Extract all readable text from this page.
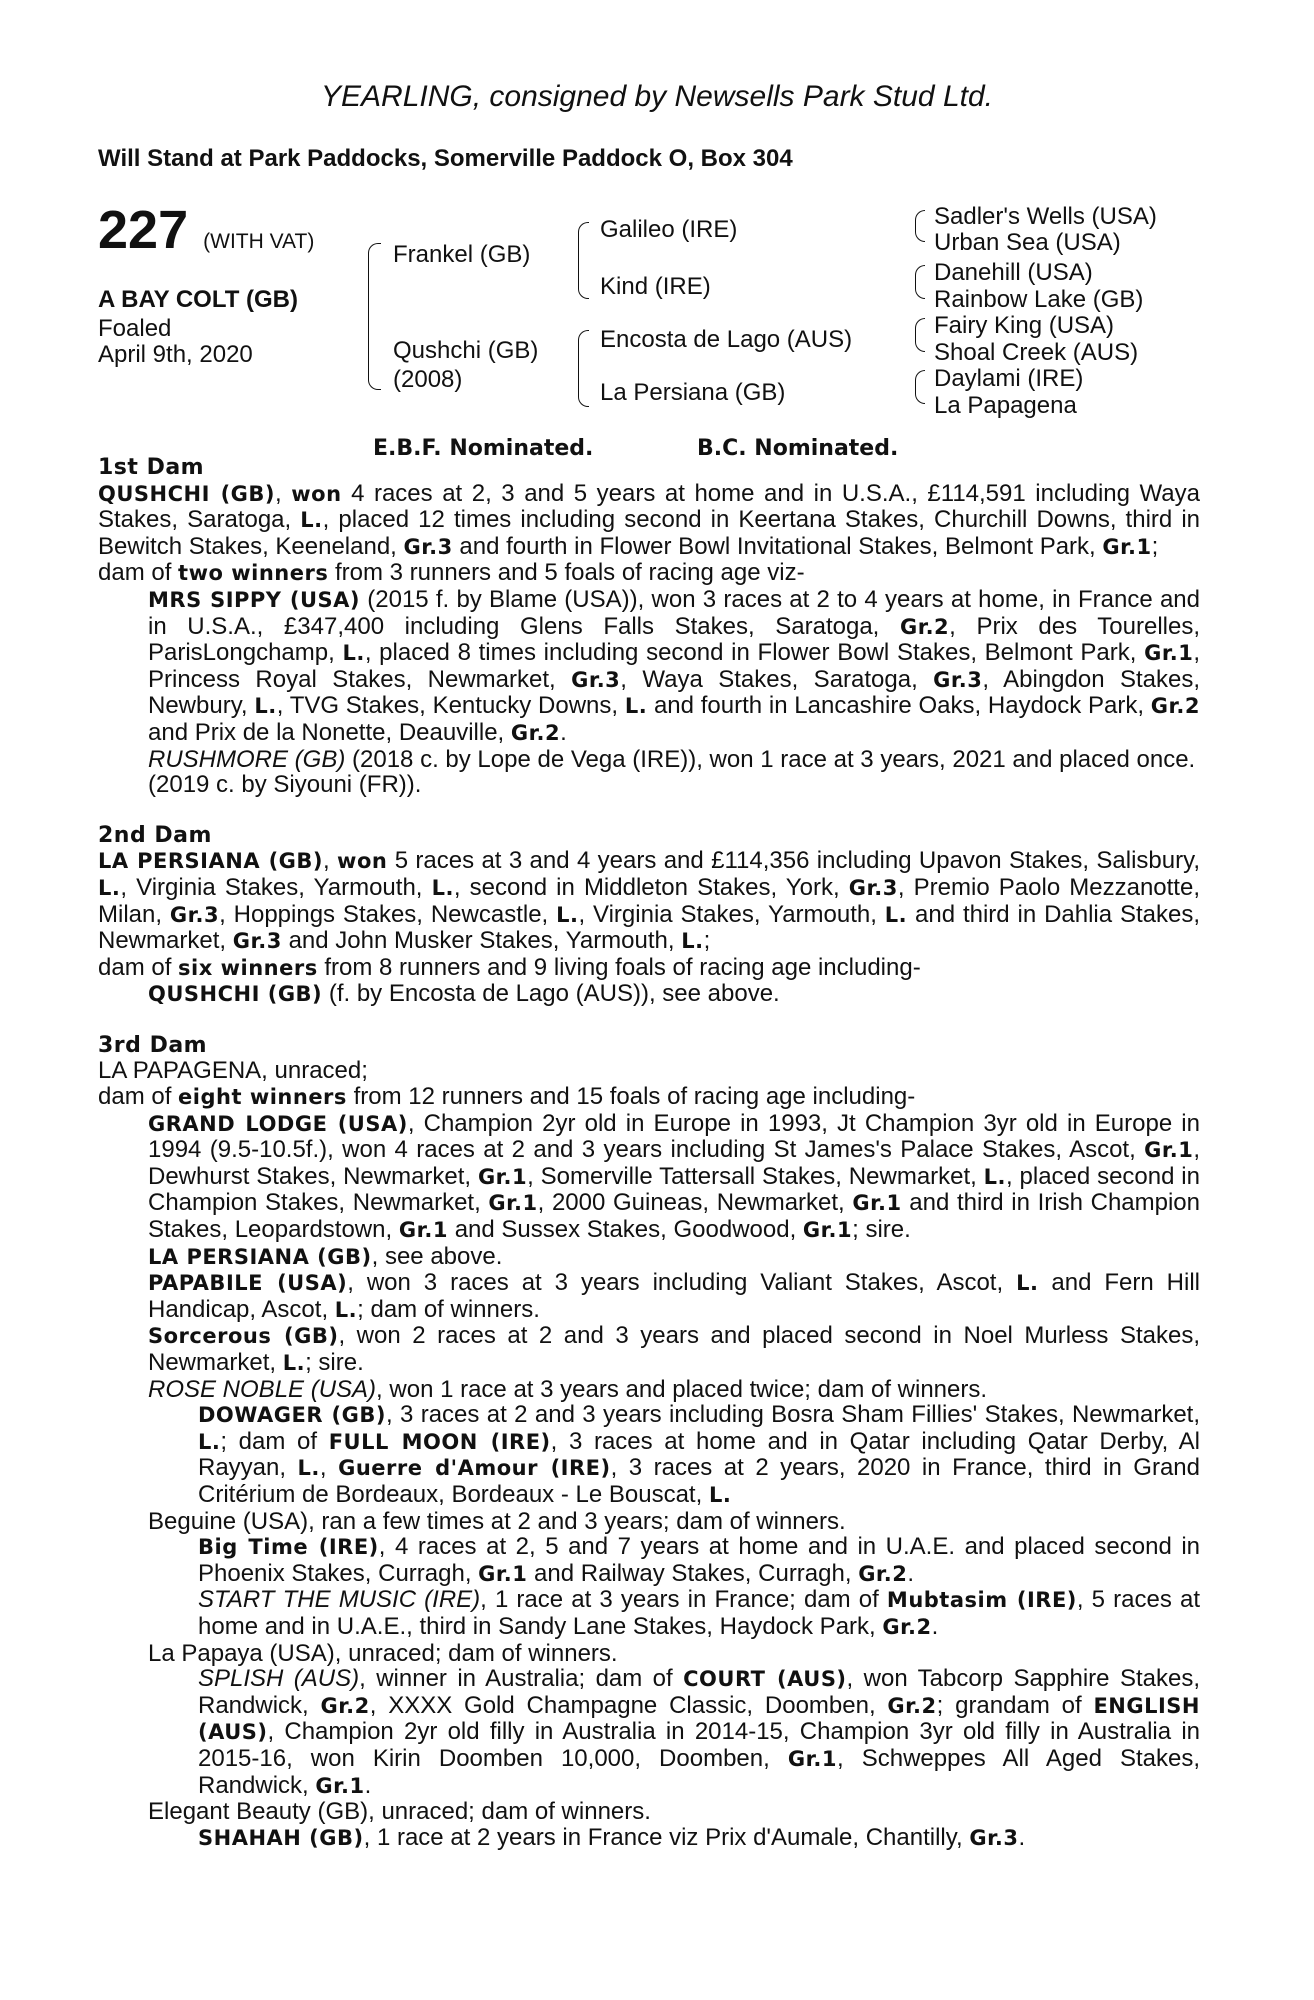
YEARLING, consigned by Newsells Park Stud Ltd.
Will Stand at Park Paddocks, Somerville Paddock O, Box 304
227 (WITH VAT)
A BAY COLT (GB)
Foaled
April 9th, 2020
Frankel (GB)
Qushchi (GB)
(2008)
Galileo (IRE)
Kind (IRE)
Encosta de Lago (AUS)
La Persiana (GB)
Sadler's Wells (USA)
Urban Sea (USA)
Danehill (USA)
Rainbow Lake (GB)
Fairy King (USA)
Shoal Creek (AUS)
Daylami (IRE)
La Papagena
E.B.F. Nominated.	B.C. Nominated.

1st Dam

QUSHCHI (GB), won 4 races at 2, 3 and 5 years at home and in U.S.A., £114,591 including Waya Stakes, Saratoga, L., placed 12 times including second in Keertana Stakes, Churchill Downs, third in Bewitch Stakes, Keeneland, Gr.3 and fourth in Flower Bowl Invitational Stakes, Belmont Park, Gr.1;

dam of two winners from 3 runners and 5 foals of racing age viz-

MRS SIPPY (USA) (2015 f. by Blame (USA)), won 3 races at 2 to 4 years at home, in France and in U.S.A., £347,400 including Glens Falls Stakes, Saratoga, Gr.2, Prix des Tourelles, ParisLongchamp, L., placed 8 times including second in Flower Bowl Stakes, Belmont Park, Gr.1, Princess Royal Stakes, Newmarket, Gr.3, Waya Stakes, Saratoga, Gr.3, Abingdon Stakes, Newbury, L., TVG Stakes, Kentucky Downs, L. and fourth in Lancashire Oaks, Haydock Park, Gr.2 and Prix de la Nonette, Deauville, Gr.2.

RUSHMORE (GB) (2018 c. by Lope de Vega (IRE)), won 1 race at 3 years, 2021 and placed once.

(2019 c. by Siyouni (FR)).

2nd Dam

LA PERSIANA (GB), won 5 races at 3 and 4 years and £114,356 including Upavon Stakes, Salisbury, L., Virginia Stakes, Yarmouth, L., second in Middleton Stakes, York, Gr.3, Premio Paolo Mezzanotte, Milan, Gr.3, Hoppings Stakes, Newcastle, L., Virginia Stakes, Yarmouth, L. and third in Dahlia Stakes, Newmarket, Gr.3 and John Musker Stakes, Yarmouth, L.;

dam of six winners from 8 runners and 9 living foals of racing age including-

QUSHCHI (GB) (f. by Encosta de Lago (AUS)), see above.

3rd Dam

LA PAPAGENA, unraced;

dam of eight winners from 12 runners and 15 foals of racing age including-

GRAND LODGE (USA), Champion 2yr old in Europe in 1993, Jt Champion 3yr old in Europe in 1994 (9.5-10.5f.), won 4 races at 2 and 3 years including St James's Palace Stakes, Ascot, Gr.1, Dewhurst Stakes, Newmarket, Gr.1, Somerville Tattersall Stakes, Newmarket, L., placed second in Champion Stakes, Newmarket, Gr.1, 2000 Guineas, Newmarket, Gr.1 and third in Irish Champion Stakes, Leopardstown, Gr.1 and Sussex Stakes, Goodwood, Gr.1; sire.

LA PERSIANA (GB), see above.

PAPABILE (USA), won 3 races at 3 years including Valiant Stakes, Ascot, L. and Fern Hill Handicap, Ascot, L.; dam of winners.

Sorcerous (GB), won 2 races at 2 and 3 years and placed second in Noel Murless Stakes, Newmarket, L.; sire.

ROSE NOBLE (USA), won 1 race at 3 years and placed twice; dam of winners.

DOWAGER (GB), 3 races at 2 and 3 years including Bosra Sham Fillies' Stakes, Newmarket, L.; dam of FULL MOON (IRE), 3 races at home and in Qatar including Qatar Derby, Al Rayyan, L., Guerre d'Amour (IRE), 3 races at 2 years, 2020 in France, third in Grand Critérium de Bordeaux, Bordeaux - Le Bouscat, L.

Beguine (USA), ran a few times at 2 and 3 years; dam of winners.

Big Time (IRE), 4 races at 2, 5 and 7 years at home and in U.A.E. and placed second in Phoenix Stakes, Curragh, Gr.1 and Railway Stakes, Curragh, Gr.2.

START THE MUSIC (IRE), 1 race at 3 years in France; dam of Mubtasim (IRE), 5 races at home and in U.A.E., third in Sandy Lane Stakes, Haydock Park, Gr.2.

La Papaya (USA), unraced; dam of winners.

SPLISH (AUS), winner in Australia; dam of COURT (AUS), won Tabcorp Sapphire Stakes, Randwick, Gr.2, XXXX Gold Champagne Classic, Doomben, Gr.2; grandam of ENGLISH (AUS), Champion 2yr old filly in Australia in 2014-15, Champion 3yr old filly in Australia in 2015-16, won Kirin Doomben 10,000, Doomben, Gr.1, Schweppes All Aged Stakes, Randwick, Gr.1.

Elegant Beauty (GB), unraced; dam of winners.

SHAHAH (GB), 1 race at 2 years in France viz Prix d'Aumale, Chantilly, Gr.3.
